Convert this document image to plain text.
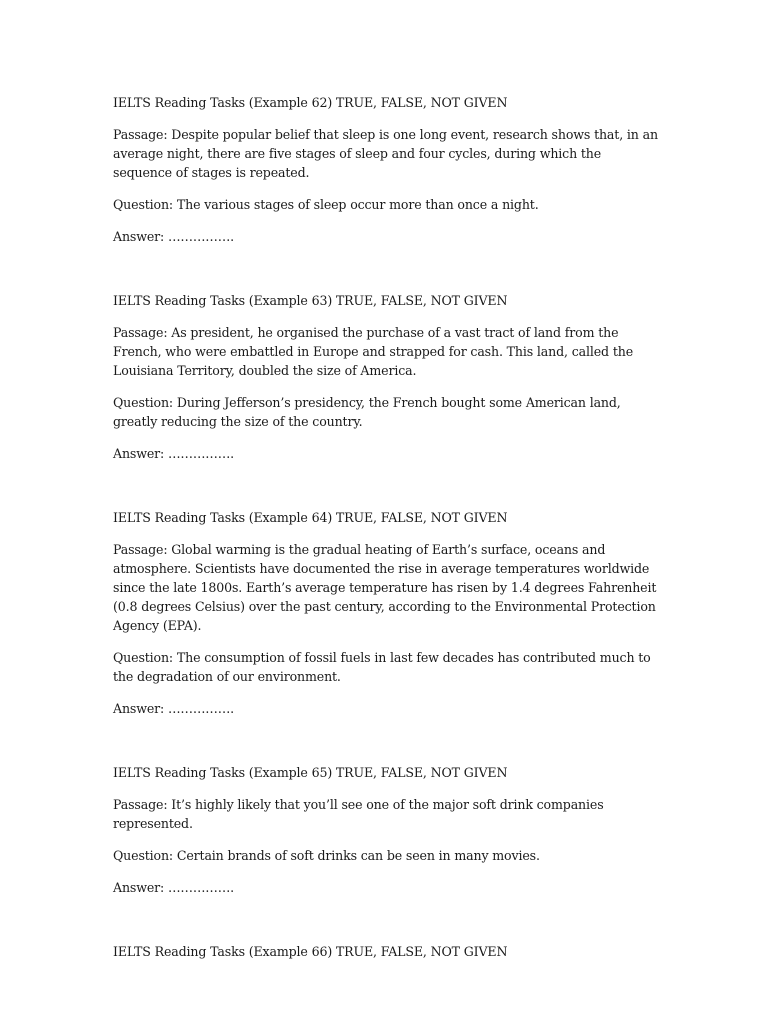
IELTS Reading Tasks (Example 62) TRUE, FALSE, NOT GIVEN

Passage: Despite popular belief that sleep is one long event, research shows that, in an average night, there are five stages of sleep and four cycles, during which the sequence of stages is repeated.

Question: The various stages of sleep occur more than once a night.

Answer: …………….

IELTS Reading Tasks (Example 63) TRUE, FALSE, NOT GIVEN

Passage: As president, he organised the purchase of a vast tract of land from the French, who were embattled in Europe and strapped for cash. This land, called the Louisiana Territory, doubled the size of America.

Question: During Jefferson’s presidency, the French bought some American land, greatly reducing the size of the country.

Answer: …………….

IELTS Reading Tasks (Example 64) TRUE, FALSE, NOT GIVEN

Passage: Global warming is the gradual heating of Earth’s surface, oceans and atmosphere. Scientists have documented the rise in average temperatures worldwide since the late 1800s. Earth’s average temperature has risen by 1.4 degrees Fahrenheit (0.8 degrees Celsius) over the past century, according to the Environmental Protection Agency (EPA).

Question: The consumption of fossil fuels in last few decades has contributed much to the degradation of our environment.

Answer: …………….

IELTS Reading Tasks (Example 65) TRUE, FALSE, NOT GIVEN

Passage: It’s highly likely that you’ll see one of the major soft drink companies represented.

Question: Certain brands of soft drinks can be seen in many movies.

Answer: …………….

IELTS Reading Tasks (Example 66) TRUE, FALSE, NOT GIVEN
